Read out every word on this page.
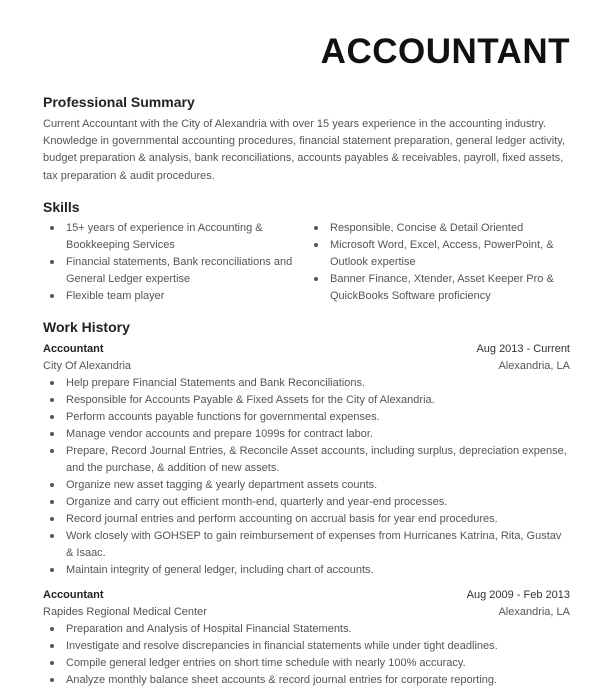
ACCOUNTANT
Professional Summary

Current Accountant with the City of Alexandria with over 15 years experience in the accounting industry. Knowledge in governmental accounting procedures, financial statement preparation, general ledger activity, budget preparation & analysis, bank reconciliations, accounts payables & receivables, payroll, fixed assets, tax preparation & audit procedures.

Skills
15+ years of experience in Accounting & Bookkeeping Services
Financial statements, Bank reconciliations and General Ledger expertise
Flexible team player
Responsible, Concise & Detail Oriented
Microsoft Word, Excel, Access, PowerPoint, & Outlook expertise
Banner Finance, Xtender, Asset Keeper Pro & QuickBooks Software proficiency
Work History
Accountant	Aug 2013 - Current
City Of Alexandria	Alexandria, LA
Help prepare Financial Statements and Bank Reconciliations.
Responsible for Accounts Payable & Fixed Assets for the City of Alexandria.
Perform accounts payable functions for governmental expenses.
Manage vendor accounts and prepare 1099s for contract labor.
Prepare, Record Journal Entries, & Reconcile Asset accounts, including surplus, depreciation expense, and the purchase, & addition of new assets.
Organize new asset tagging & yearly department assets counts.
Organize and carry out efficient month-end, quarterly and year-end processes.
Record journal entries and perform accounting on accrual basis for year end procedures.
Work closely with GOHSEP to gain reimbursement of expenses from Hurricanes Katrina, Rita, Gustav & Isaac.
Maintain integrity of general ledger, including chart of accounts.
Accountant	Aug 2009 - Feb 2013
Rapides Regional Medical Center	Alexandria, LA
Preparation and Analysis of Hospital Financial Statements.
Investigate and resolve discrepancies in financial statements while under tight deadlines.
Compile general ledger entries on short time schedule with nearly 100% accuracy.
Analyze monthly balance sheet accounts & record journal entries for corporate reporting.
